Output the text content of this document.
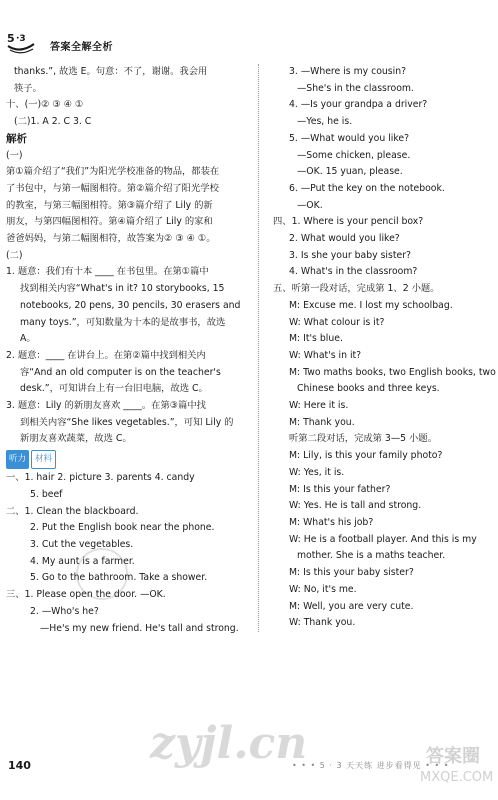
5 ·3
答案全解全析
thanks.”, 故选 E。句意：不了，谢谢。我会用
筷子。
十、(一)② ③ ④ ①
(二)1. A 2. C 3. C
解析
(一)
第①篇介绍了“我们”为阳光学校准备的物品，都装在
了书包中，与第一幅图相符。第②篇介绍了阳光学校
的教室，与第三幅图相符。第③篇介绍了 Lily 的新
朋友，与第四幅图相符。第④篇介绍了 Lily 的家和
爸爸妈妈，与第二幅图相符，故答案为② ③ ④ ①。
(二)
1. 题意：我们有十本 ____ 在书包里。在第①篇中
找到相关内容“What's in it? 10 storybooks, 15
notebooks, 20 pens, 30 pencils, 30 erasers and
many toys.”，可知数量为十本的是故事书，故选
A。
2. 题意：____ 在讲台上。在第②篇中找到相关内
容“And an old computer is on the teacher's
desk.”，可知讲台上有一台旧电脑，故选 C。
3. 题意：Lily 的新朋友喜欢 ____。在第③篇中找
到相关内容“She likes vegetables.”，可知 Lily 的
新朋友喜欢蔬菜，故选 C。
听力	材料
一、1. hair 2. picture 3. parents 4. candy
5. beef
二、1. Clean the blackboard.
2. Put the English book near the phone.
3. Cut the vegetables.
4. My aunt is a farmer.
5. Go to the bathroom. Take a shower.
三、1. Please open the door. —OK.
2. —Who's he?
—He's my new friend. He's tall and strong.
3. —Where is my cousin?
—She's in the classroom.
4. —Is your grandpa a driver?
—Yes, he is.
5. —What would you like?
—Some chicken, please.
—OK. 15 yuan, please.
6. —Put the key on the notebook.
—OK.
四、1. Where is your pencil box?
2. What would you like?
3. Is she your baby sister?
4. What's in the classroom?
五、听第一段对话，完成第 1、2 小题。
M: Excuse me. I lost my schoolbag.
W: What colour is it?
M: It's blue.
W: What's in it?
M: Two maths books, two English books, two
Chinese books and three keys.
W: Here it is.
M: Thank you.
听第二段对话，完成第 3—5 小题。
M: Lily, is this your family photo?
W: Yes, it is.
M: Is this your father?
W: Yes. He is tall and strong.
M: What's his job?
W: He is a football player. And this is my
mother. She is a maths teacher.
M: Is this your baby sister?
W: No, it's me.
M: Well, you are very cute.
W: Thank you.
zyjl.cn	答案圈
MXQE.COM
140	• • • 5 · 3 天天练 进步看得见 • • •
